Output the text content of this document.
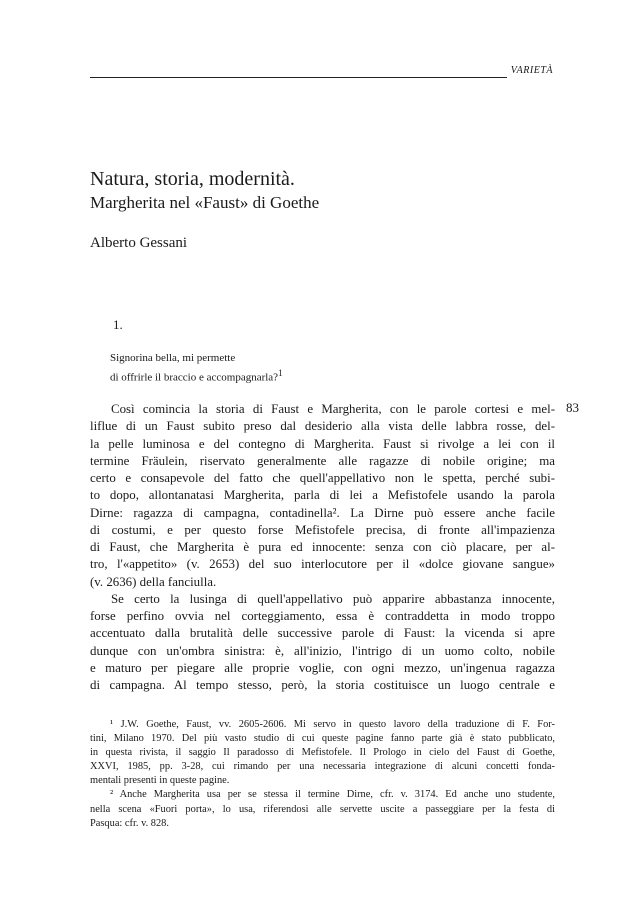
VARIETÀ
Natura, storia, modernità.
Margherita nel «Faust» di Goethe
Alberto Gessani
1.
Signorina bella, mi permette
di offrirle il braccio e accompagnarla?$^1$
83
Così comincia la storia di Faust e Margherita, con le parole cortesi e mel-
liflue di un Faust subito preso dal desiderio alla vista delle labbra rosse, del-
la pelle luminosa e del contegno di Margherita. Faust si rivolge a lei con il
termine Fräulein, riservato generalmente alle ragazze di nobile origine; ma
certo e consapevole del fatto che quell'appellativo non le spetta, perché subi-
to dopo, allontanatasi Margherita, parla di lei a Mefistofele usando la parola
Dirne: ragazza di campagna, contadinella². La Dirne può essere anche facile
di costumi, e per questo forse Mefistofele precisa, di fronte all'impazienza
di Faust, che Margherita è pura ed innocente: senza con ciò placare, per al-
tro, l'«appetito» (v. 2653) del suo interlocutore per il «dolce giovane sangue»
(v. 2636) della fanciulla.
Se certo la lusinga di quell'appellativo può apparire abbastanza innocente,
forse perfino ovvia nel corteggiamento, essa è contraddetta in modo troppo
accentuato dalla brutalità delle successive parole di Faust: la vicenda si apre
dunque con un'ombra sinistra: è, all'inizio, l'intrigo di un uomo colto, nobile
e maturo per piegare alle proprie voglie, con ogni mezzo, un'ingenua ragazza
di campagna. Al tempo stesso, però, la storia costituisce un luogo centrale e
¹ J.W. Goethe, Faust, vv. 2605-2606. Mi servo in questo lavoro della traduzione di F. For-
tini, Milano 1970. Del più vasto studio di cui queste pagine fanno parte già è stato pubblicato,
in questa rivista, il saggio Il paradosso di Mefistofele. Il Prologo in cielo del Faust di Goethe,
XXVI, 1985, pp. 3-28, cui rimando per una necessaria integrazione di alcuni concetti fonda-
mentali presenti in queste pagine.
² Anche Margherita usa per se stessa il termine Dirne, cfr. v. 3174. Ed anche uno studente,
nella scena «Fuori porta», lo usa, riferendosi alle servette uscite a passeggiare per la festa di
Pasqua: cfr. v. 828.
